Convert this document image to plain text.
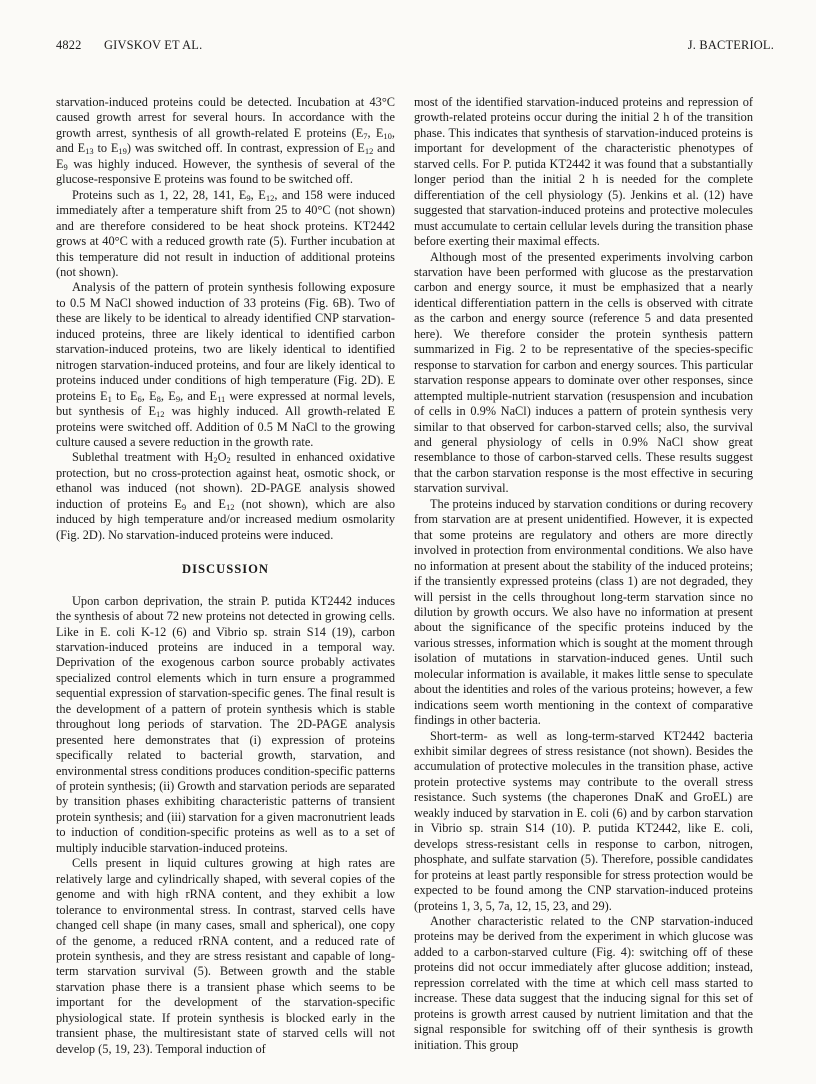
4822 GIVSKOV ET AL.	J. BACTERIOL.

starvation-induced proteins could be detected. Incubation at 43°C caused growth arrest for several hours. In accordance with the growth arrest, synthesis of all growth-related E proteins ($E_7$, $E_{10}$, and $E_{13}$ to $E_{19}$) was switched off. In contrast, expression of $E_{12}$ and $E_9$ was highly induced. However, the synthesis of several of the glucose-responsive E proteins was found to be switched off.

Proteins such as 1, 22, 28, 141, $E_9$, $E_{12}$, and 158 were induced immediately after a temperature shift from 25 to 40°C (not shown) and are therefore considered to be heat shock proteins. KT2442 grows at 40°C with a reduced growth rate (5). Further incubation at this temperature did not result in induction of additional proteins (not shown).

Analysis of the pattern of protein synthesis following exposure to 0.5 M NaCl showed induction of 33 proteins (Fig. 6B). Two of these are likely to be identical to already identified CNP starvation-induced proteins, three are likely identical to identified carbon starvation-induced proteins, two are likely identical to identified nitrogen starvation-induced proteins, and four are likely identical to proteins induced under conditions of high temperature (Fig. 2D). E proteins $E_1$ to $E_6$, $E_8$, $E_9$, and $E_{11}$ were expressed at normal levels, but synthesis of $E_{12}$ was highly induced. All growth-related E proteins were switched off. Addition of 0.5 M NaCl to the growing culture caused a severe reduction in the growth rate.

Sublethal treatment with $H_2O_2$ resulted in enhanced oxidative protection, but no cross-protection against heat, osmotic shock, or ethanol was induced (not shown). 2D-PAGE analysis showed induction of proteins $E_9$ and $E_{12}$ (not shown), which are also induced by high temperature and/or increased medium osmolarity (Fig. 2D). No starvation-induced proteins were induced.

DISCUSSION

Upon carbon deprivation, the strain P. putida KT2442 induces the synthesis of about 72 new proteins not detected in growing cells. Like in E. coli K-12 (6) and Vibrio sp. strain S14 (19), carbon starvation-induced proteins are induced in a temporal way. Deprivation of the exogenous carbon source probably activates specialized control elements which in turn ensure a programmed sequential expression of starvation-specific genes. The final result is the development of a pattern of protein synthesis which is stable throughout long periods of starvation. The 2D-PAGE analysis presented here demonstrates that (i) expression of proteins specifically related to bacterial growth, starvation, and environmental stress conditions produces condition-specific patterns of protein synthesis; (ii) Growth and starvation periods are separated by transition phases exhibiting characteristic patterns of transient protein synthesis; and (iii) starvation for a given macronutrient leads to induction of condition-specific proteins as well as to a set of multiply inducible starvation-induced proteins.

Cells present in liquid cultures growing at high rates are relatively large and cylindrically shaped, with several copies of the genome and with high rRNA content, and they exhibit a low tolerance to environmental stress. In contrast, starved cells have changed cell shape (in many cases, small and spherical), one copy of the genome, a reduced rRNA content, and a reduced rate of protein synthesis, and they are stress resistant and capable of long-term starvation survival (5). Between growth and the stable starvation phase there is a transient phase which seems to be important for the development of the starvation-specific physiological state. If protein synthesis is blocked early in the transient phase, the multiresistant state of starved cells will not develop (5, 19, 23). Temporal induction of

most of the identified starvation-induced proteins and repression of growth-related proteins occur during the initial 2 h of the transition phase. This indicates that synthesis of starvation-induced proteins is important for development of the characteristic phenotypes of starved cells. For P. putida KT2442 it was found that a substantially longer period than the initial 2 h is needed for the complete differentiation of the cell physiology (5). Jenkins et al. (12) have suggested that starvation-induced proteins and protective molecules must accumulate to certain cellular levels during the transition phase before exerting their maximal effects.

Although most of the presented experiments involving carbon starvation have been performed with glucose as the prestarvation carbon and energy source, it must be emphasized that a nearly identical differentiation pattern in the cells is observed with citrate as the carbon and energy source (reference 5 and data presented here). We therefore consider the protein synthesis pattern summarized in Fig. 2 to be representative of the species-specific response to starvation for carbon and energy sources. This particular starvation response appears to dominate over other responses, since attempted multiple-nutrient starvation (resuspension and incubation of cells in 0.9% NaCl) induces a pattern of protein synthesis very similar to that observed for carbon-starved cells; also, the survival and general physiology of cells in 0.9% NaCl show great resemblance to those of carbon-starved cells. These results suggest that the carbon starvation response is the most effective in securing starvation survival.

The proteins induced by starvation conditions or during recovery from starvation are at present unidentified. However, it is expected that some proteins are regulatory and others are more directly involved in protection from environmental conditions. We also have no information at present about the stability of the induced proteins; if the transiently expressed proteins (class 1) are not degraded, they will persist in the cells throughout long-term starvation since no dilution by growth occurs. We also have no information at present about the significance of the specific proteins induced by the various stresses, information which is sought at the moment through isolation of mutations in starvation-induced genes. Until such molecular information is available, it makes little sense to speculate about the identities and roles of the various proteins; however, a few indications seem worth mentioning in the context of comparative findings in other bacteria.

Short-term- as well as long-term-starved KT2442 bacteria exhibit similar degrees of stress resistance (not shown). Besides the accumulation of protective molecules in the transition phase, active protein protective systems may contribute to the overall stress resistance. Such systems (the chaperones DnaK and GroEL) are weakly induced by starvation in E. coli (6) and by carbon starvation in Vibrio sp. strain S14 (10). P. putida KT2442, like E. coli, develops stress-resistant cells in response to carbon, nitrogen, phosphate, and sulfate starvation (5). Therefore, possible candidates for proteins at least partly responsible for stress protection would be expected to be found among the CNP starvation-induced proteins (proteins 1, 3, 5, 7a, 12, 15, 23, and 29).

Another characteristic related to the CNP starvation-induced proteins may be derived from the experiment in which glucose was added to a carbon-starved culture (Fig. 4): switching off of these proteins did not occur immediately after glucose addition; instead, repression correlated with the time at which cell mass started to increase. These data suggest that the inducing signal for this set of proteins is growth arrest caused by nutrient limitation and that the signal responsible for switching off of their synthesis is growth initiation. This group
